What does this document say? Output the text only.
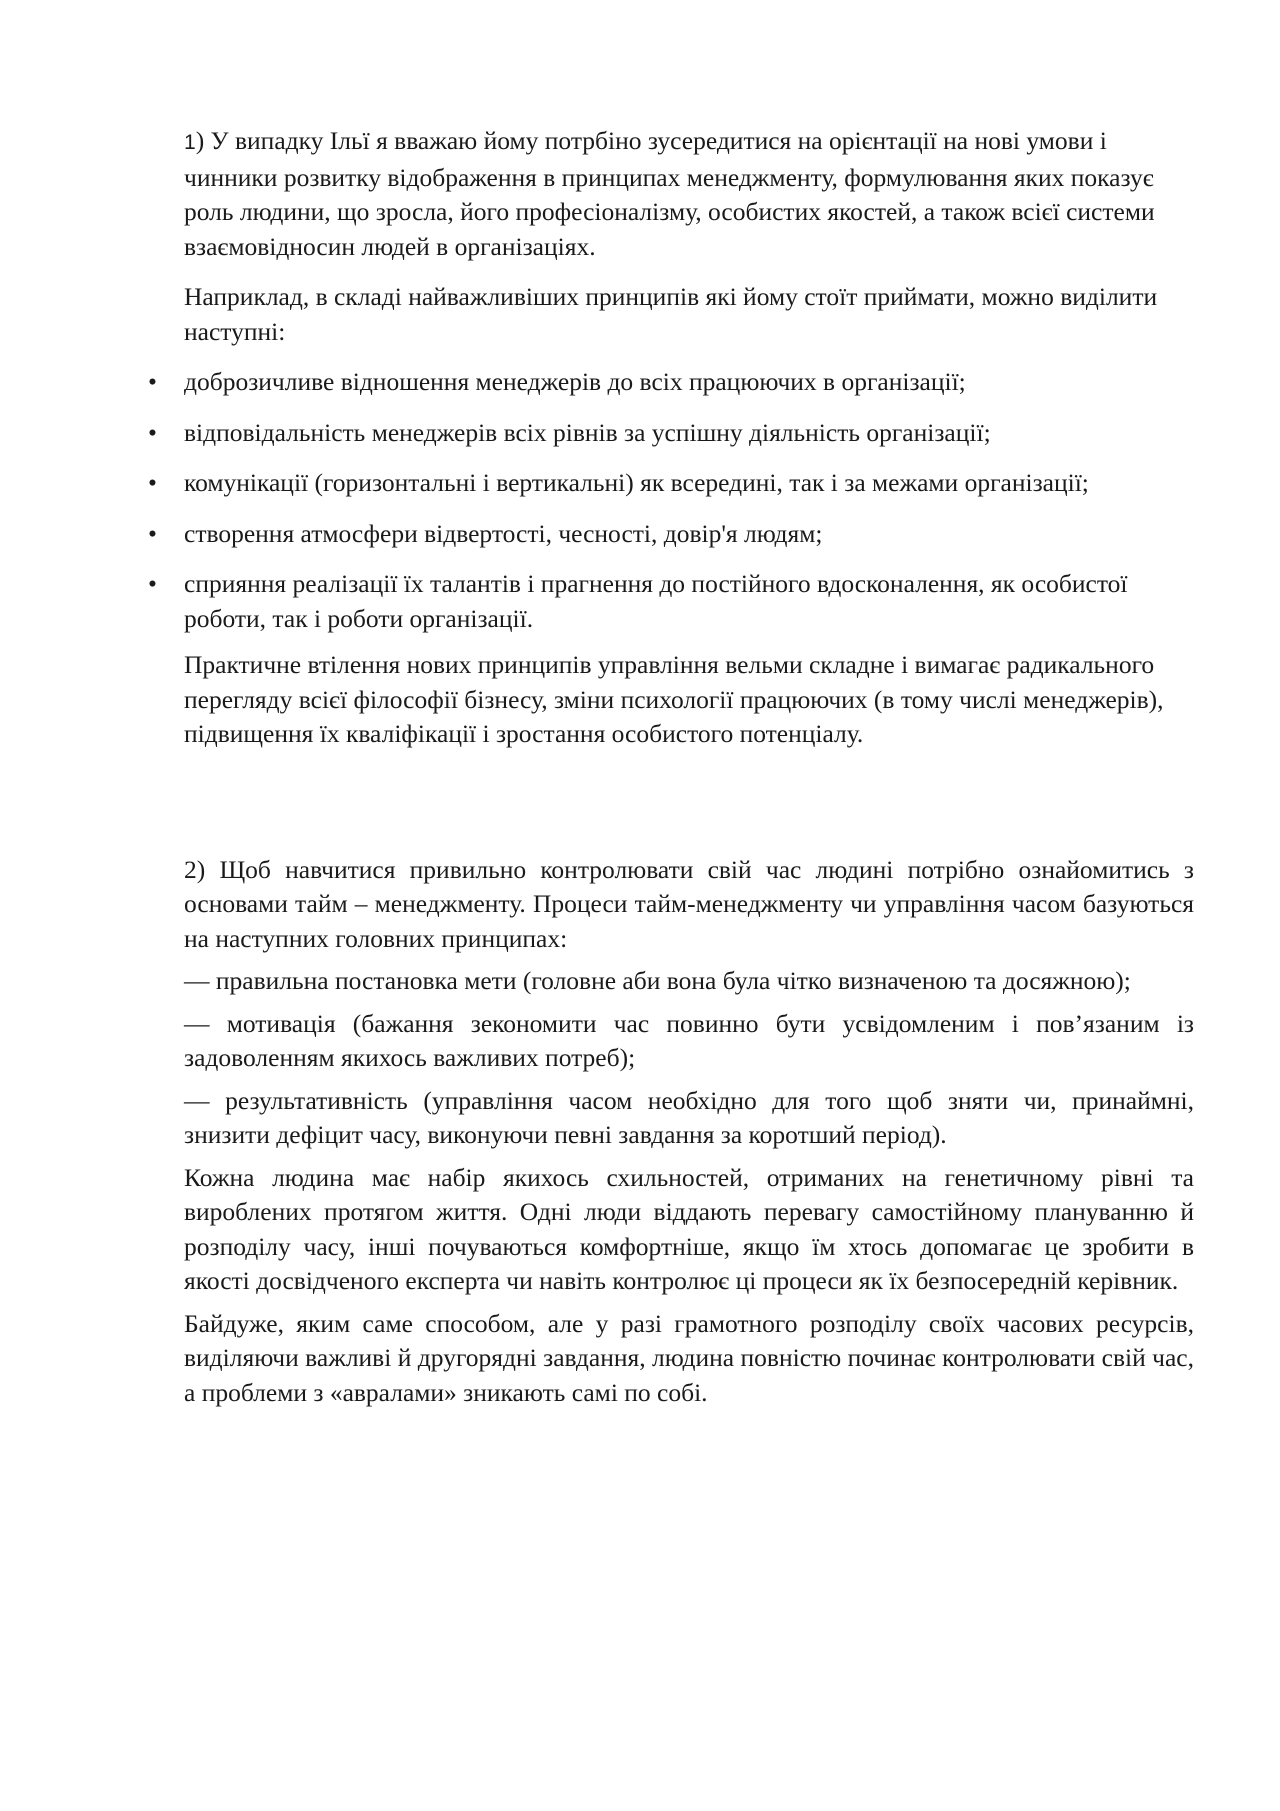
1) У випадку Ільї я вважаю йому потрбіно зусередитися на орієнтації на нові умови і чинники розвитку відображення в принципах менеджменту, формулювання яких показує роль людини, що зросла, його професіоналізму, особистих якостей, а також всієї системи взаємовідносин людей в організаціях.

Наприклад, в складі найважливіших принципів які йому стоїт приймати, можно виділити наступні:

• доброзичливе відношення менеджерів до всіх працюючих в організації;
• відповідальність менеджерів всіх рівнів за успішну діяльність організації;
• комунікації (горизонтальні і вертикальні) як всередині, так і за межами організації;
• створення атмосфери відвертості, чесності, довір'я людям;
• сприяння реалізації їх талантів і прагнення до постійного вдосконалення, як особистої роботи, так і роботи організації.

Практичне втілення нових принципів управління вельми складне і вимагає радикального перегляду всієї філософії бізнесу, зміни психології працюючих (в тому числі менеджерів), підвищення їх кваліфікації і зростання особистого потенціалу.

2) Щоб навчитися привильно контролювати свій час людині потрібно ознайомитись з основами тайм – менеджменту. Процеси тайм-менеджменту чи управління часом базуються на наступних головних принципах:

— правильна постановка мети (головне аби вона була чітко визначеною та досяжною);

— мотивація (бажання зекономити час повинно бути усвідомленим і пов’язаним із задоволенням якихось важливих потреб);

— результативність (управління часом необхідно для того щоб зняти чи, принаймні, знизити дефіцит часу, виконуючи певні завдання за коротший період).

Кожна людина має набір якихось схильностей, отриманих на генетичному рівні та вироблених протягом життя. Одні люди віддають перевагу самостійному плануванню й розподілу часу, інші почуваються комфортніше, якщо їм хтось допомагає це зробити в якості досвідченого експерта чи навіть контролює ці процеси як їх безпосередній керівник.

Байдуже, яким саме способом, але у разі грамотного розподілу своїх часових ресурсів, виділяючи важливі й другорядні завдання, людина повністю починає контролювати свій час, а проблеми з «авралами» зникають самі по собі.
